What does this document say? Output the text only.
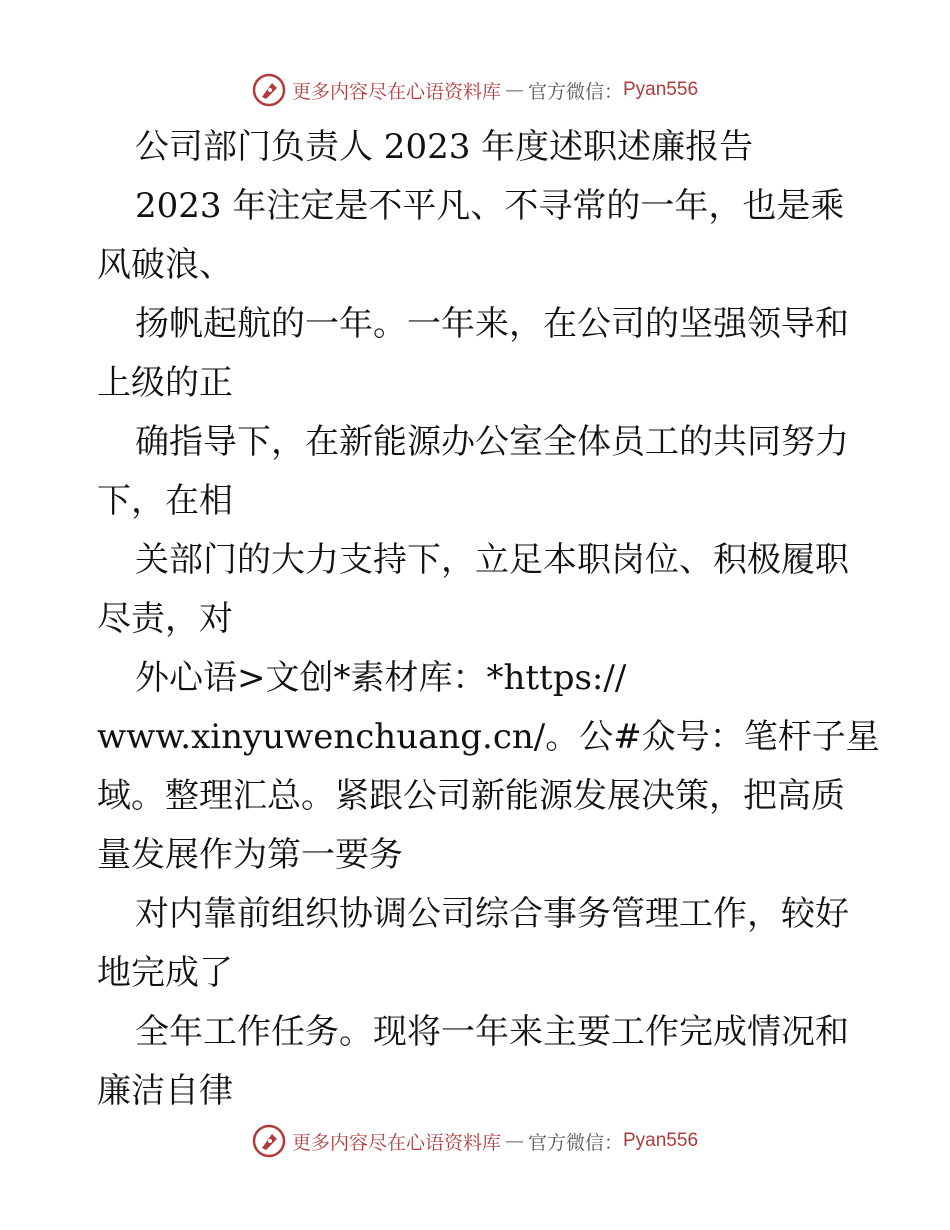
更多内容尽在心语资料库 — 官方微信： Pyan556
公司部门负责人 2023 年度述职述廉报告
2023 年注定是不平凡、不寻常的一年，也是乘
风破浪、
扬帆起航的一年。一年来，在公司的坚强领导和
上级的正
确指导下，在新能源办公室全体员工的共同努力
下，在相
关部门的大力支持下，立足本职岗位、积极履职
尽责，对
外心语>文创*素材库：*https://
www.xinyuwenchuang.cn/。公#众号：笔杆子星
域。整理汇总。紧跟公司新能源发展决策，把高质
量发展作为第一要务
对内靠前组织协调公司综合事务管理工作，较好
地完成了
全年工作任务。现将一年来主要工作完成情况和
廉洁自律
更多内容尽在心语资料库 — 官方微信： Pyan556
